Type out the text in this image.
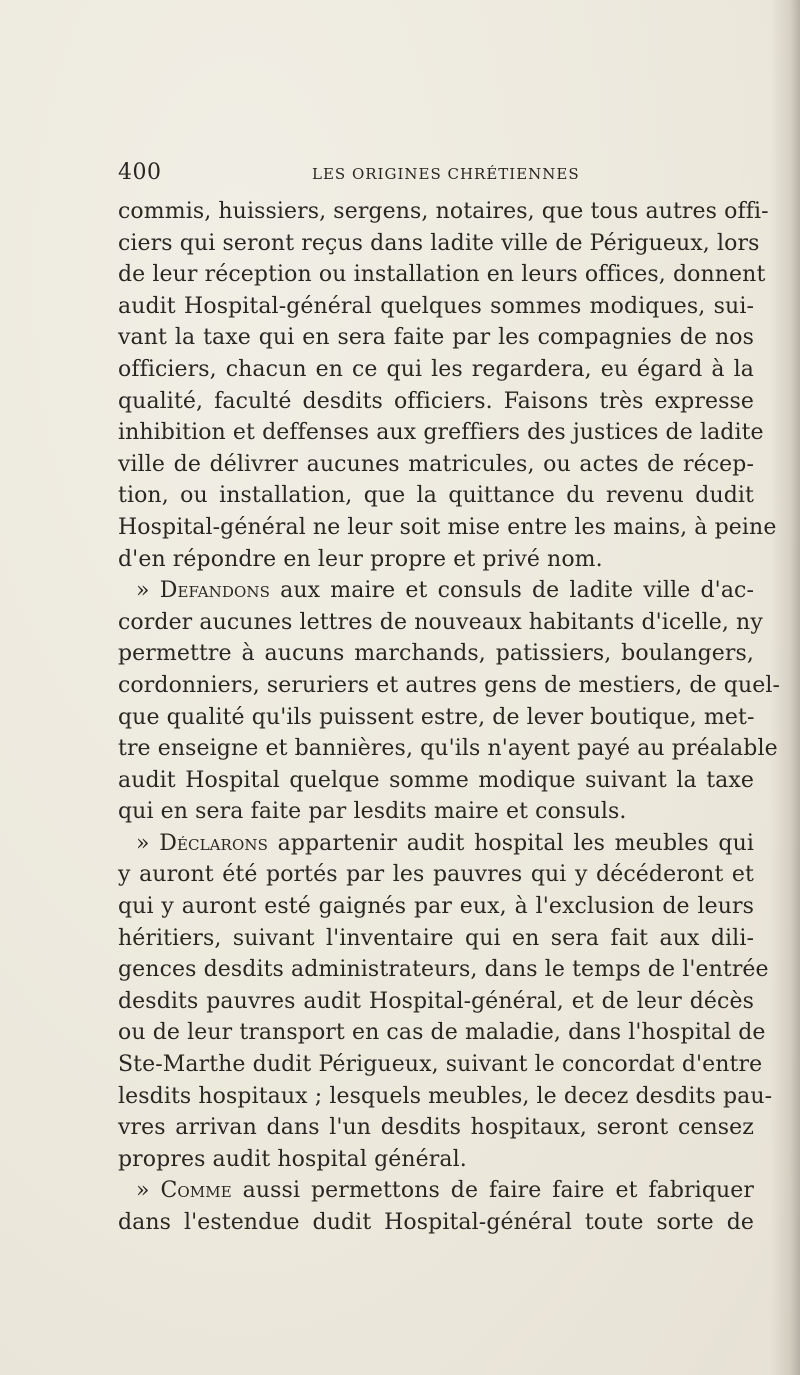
400	LES ORIGINES CHRÉTIENNES
commis, huissiers, sergens, notaires, que tous autres offi-
ciers qui seront reçus dans ladite ville de Périgueux, lors
de leur réception ou installation en leurs offices, donnent
audit Hospital-général quelques sommes modiques, sui-
vant la taxe qui en sera faite par les compagnies de nos
officiers, chacun en ce qui les regardera, eu égard à la
qualité, faculté desdits officiers. Faisons très expresse
inhibition et deffenses aux greffiers des justices de ladite
ville de délivrer aucunes matricules, ou actes de récep-
tion, ou installation, que la quittance du revenu dudit
Hospital-général ne leur soit mise entre les mains, à peine
d'en répondre en leur propre et privé nom.
» Defandons aux maire et consuls de ladite ville d'ac-
corder aucunes lettres de nouveaux habitants d'icelle, ny
permettre à aucuns marchands, patissiers, boulangers,
cordonniers, seruriers et autres gens de mestiers, de quel-
que qualité qu'ils puissent estre, de lever boutique, met-
tre enseigne et bannières, qu'ils n'ayent payé au préalable
audit Hospital quelque somme modique suivant la taxe
qui en sera faite par lesdits maire et consuls.
» Déclarons appartenir audit hospital les meubles qui
y auront été portés par les pauvres qui y décéderont et
qui y auront esté gaignés par eux, à l'exclusion de leurs
héritiers, suivant l'inventaire qui en sera fait aux dili-
gences desdits administrateurs, dans le temps de l'entrée
desdits pauvres audit Hospital-général, et de leur décès
ou de leur transport en cas de maladie, dans l'hospital de
Ste-Marthe dudit Périgueux, suivant le concordat d'entre
lesdits hospitaux ; lesquels meubles, le decez desdits pau-
vres arrivan dans l'un desdits hospitaux, seront censez
propres audit hospital général.
» Comme aussi permettons de faire faire et fabriquer
dans l'estendue dudit Hospital-général toute sorte de
